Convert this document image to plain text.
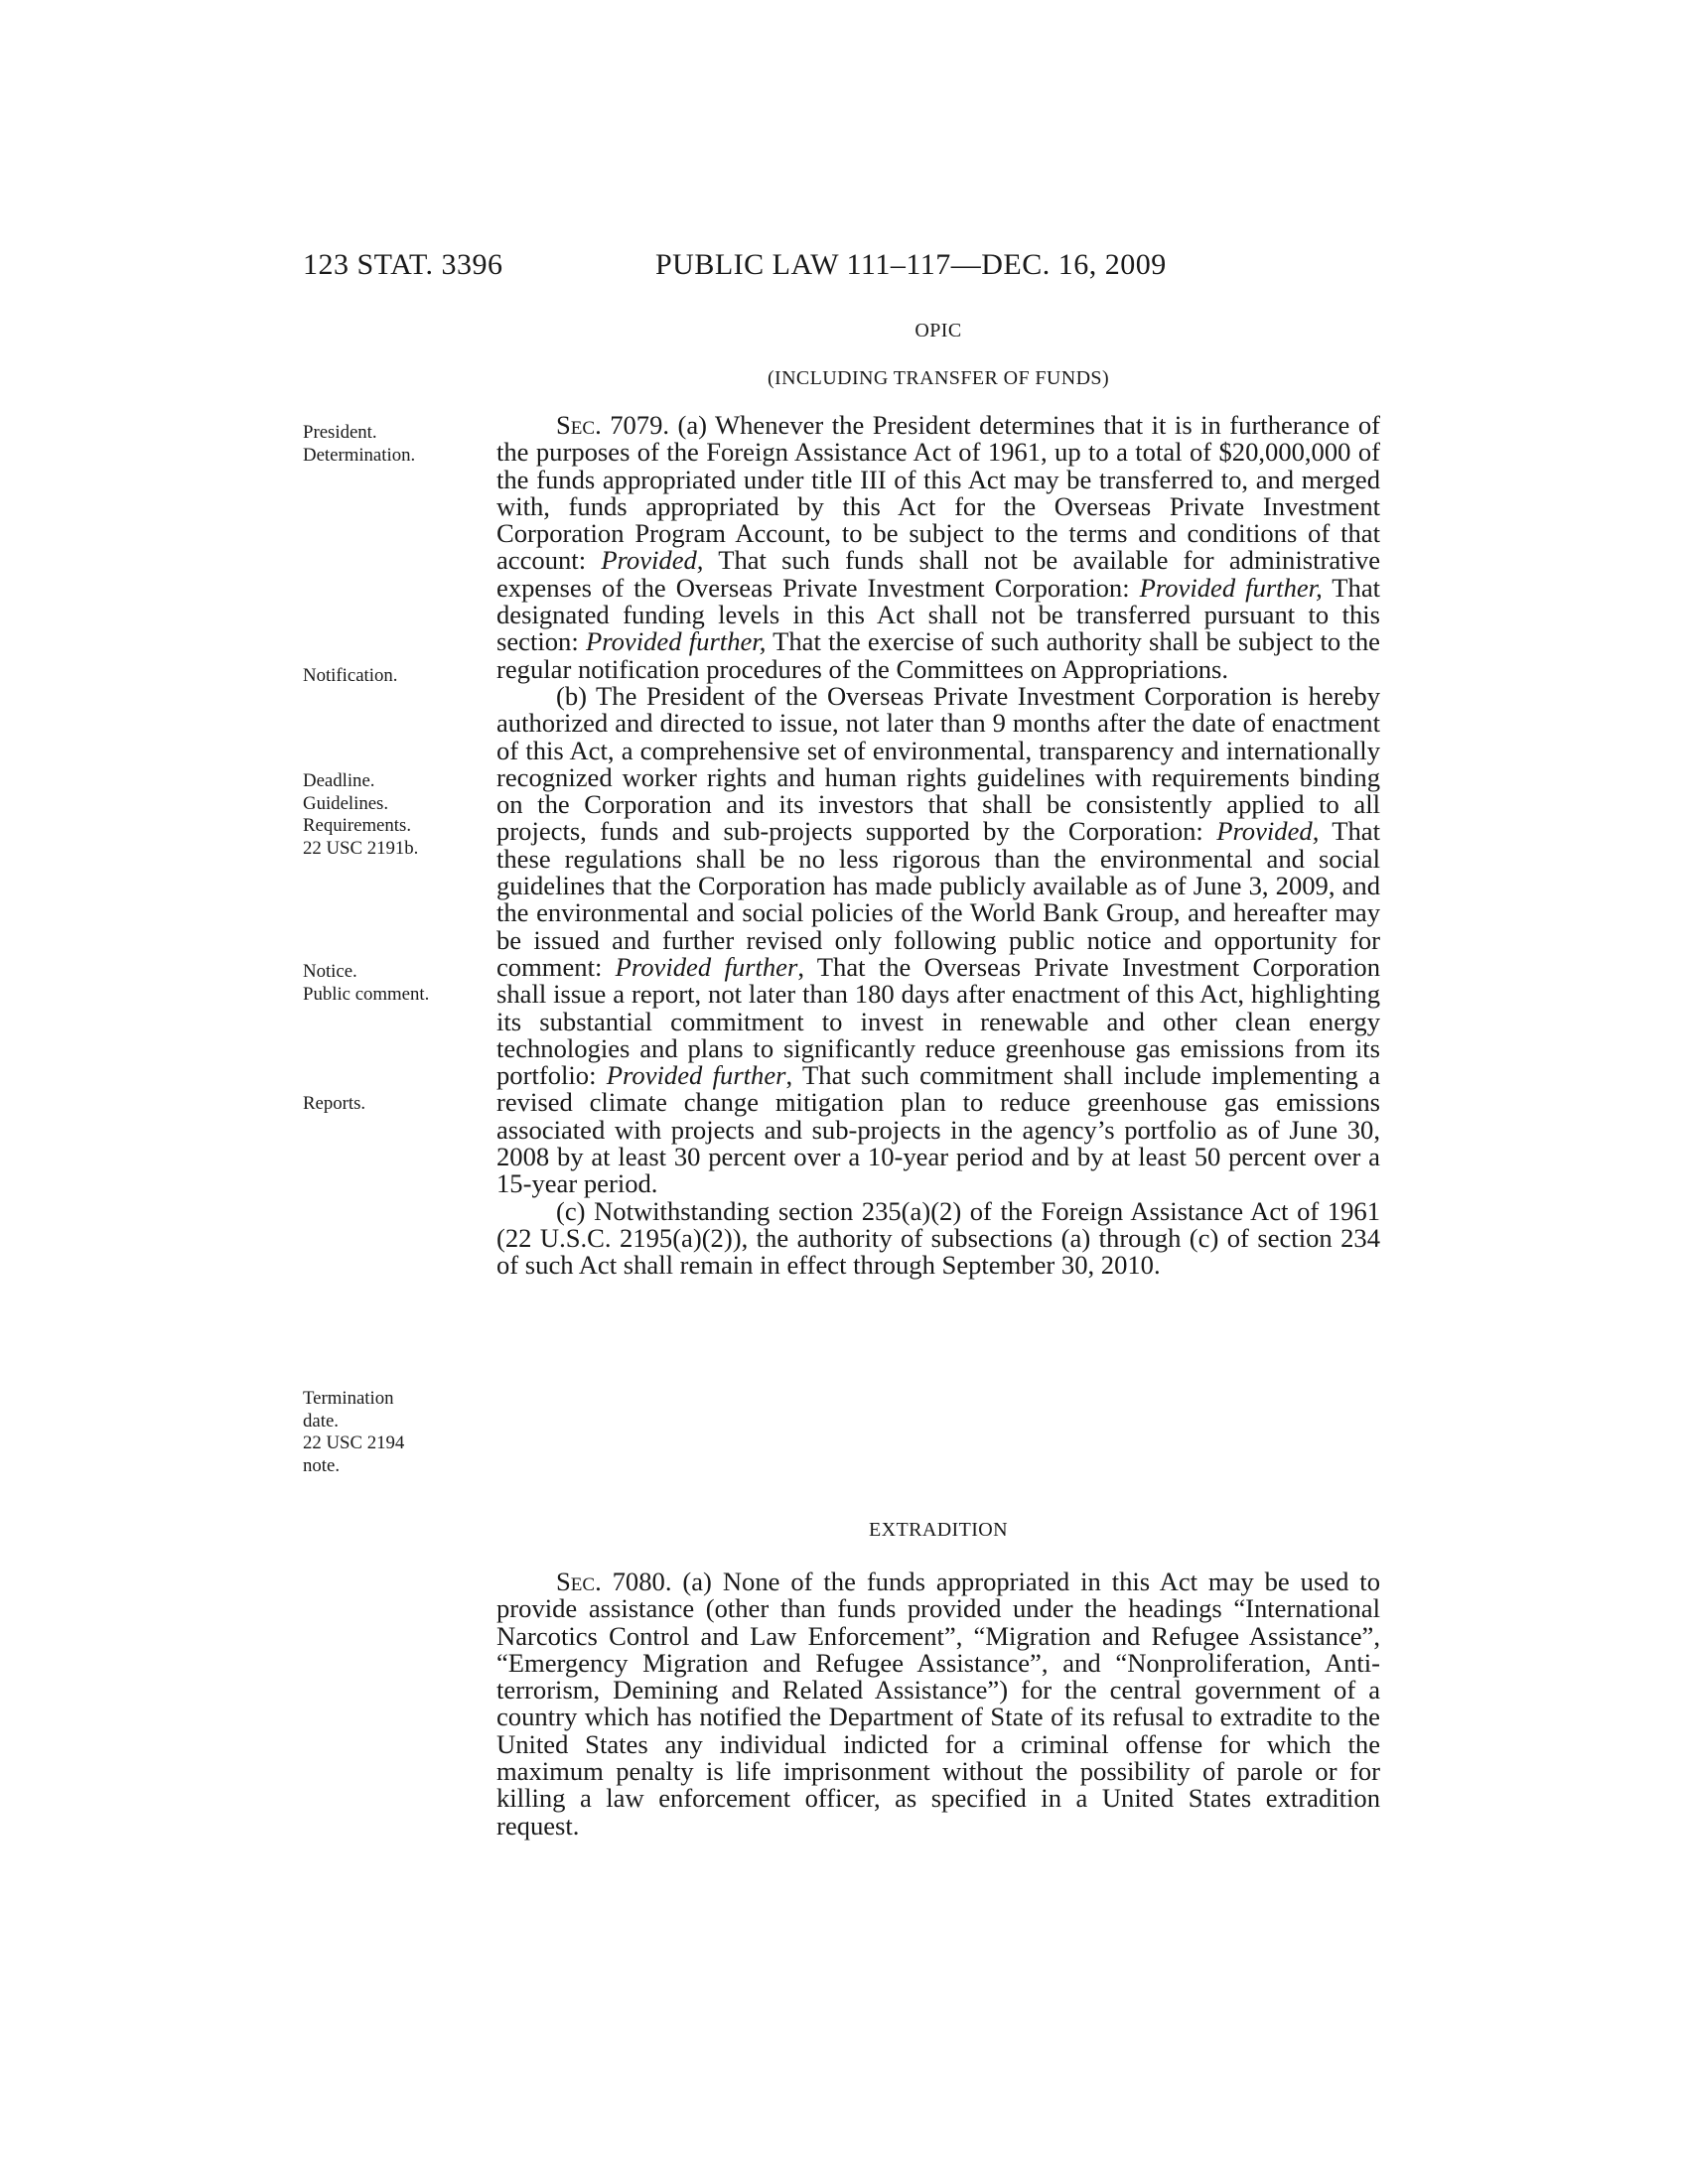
123 STAT. 3396	PUBLIC LAW 111–117—DEC. 16, 2009
OPIC
(INCLUDING TRANSFER OF FUNDS)

Sec. 7079. (a) Whenever the President determines that it is in furtherance of the purposes of the Foreign Assistance Act of 1961, up to a total of $20,000,000 of the funds appropriated under title III of this Act may be transferred to, and merged with, funds appropriated by this Act for the Overseas Private Investment Corporation Program Account, to be subject to the terms and conditions of that account: Provided, That such funds shall not be available for administrative expenses of the Overseas Private Investment Corporation: Provided further, That designated funding levels in this Act shall not be transferred pursuant to this section: Provided further, That the exercise of such authority shall be subject to the regular notification procedures of the Committees on Appropriations.

(b) The President of the Overseas Private Investment Corporation is hereby authorized and directed to issue, not later than 9 months after the date of enactment of this Act, a comprehensive set of environmental, transparency and internationally recognized worker rights and human rights guidelines with requirements binding on the Corporation and its investors that shall be consistently applied to all projects, funds and sub-projects supported by the Corporation: Provided, That these regulations shall be no less rigorous than the environmental and social guidelines that the Corporation has made publicly available as of June 3, 2009, and the environmental and social policies of the World Bank Group, and hereafter may be issued and further revised only following public notice and opportunity for comment: Provided further, That the Overseas Private Investment Corporation shall issue a report, not later than 180 days after enactment of this Act, highlighting its substantial commitment to invest in renewable and other clean energy technologies and plans to significantly reduce greenhouse gas emissions from its portfolio: Provided further, That such commitment shall include implementing a revised climate change mitigation plan to reduce greenhouse gas emissions associated with projects and sub-projects in the agency’s portfolio as of June 30, 2008 by at least 30 percent over a 10-year period and by at least 50 percent over a 15-year period.

(c) Notwithstanding section 235(a)(2) of the Foreign Assistance Act of 1961 (22 U.S.C. 2195(a)(2)), the authority of subsections (a) through (c) of section 234 of such Act shall remain in effect through September 30, 2010.

EXTRADITION

Sec. 7080. (a) None of the funds appropriated in this Act may be used to provide assistance (other than funds provided under the headings “International Narcotics Control and Law Enforcement”, “Migration and Refugee Assistance”, “Emergency Migration and Refugee Assistance”, and “Nonproliferation, Anti-terrorism, Demining and Related Assistance”) for the central government of a country which has notified the Department of State of its refusal to extradite to the United States any individual indicted for a criminal offense for which the maximum penalty is life imprisonment without the possibility of parole or for killing a law enforcement officer, as specified in a United States extradition request.

President.
Determination.
Notification.
Deadline.
Guidelines.
Requirements.
22 USC 2191b.
Notice.
Public comment.
Reports.
Termination
date.
22 USC 2194
note.
